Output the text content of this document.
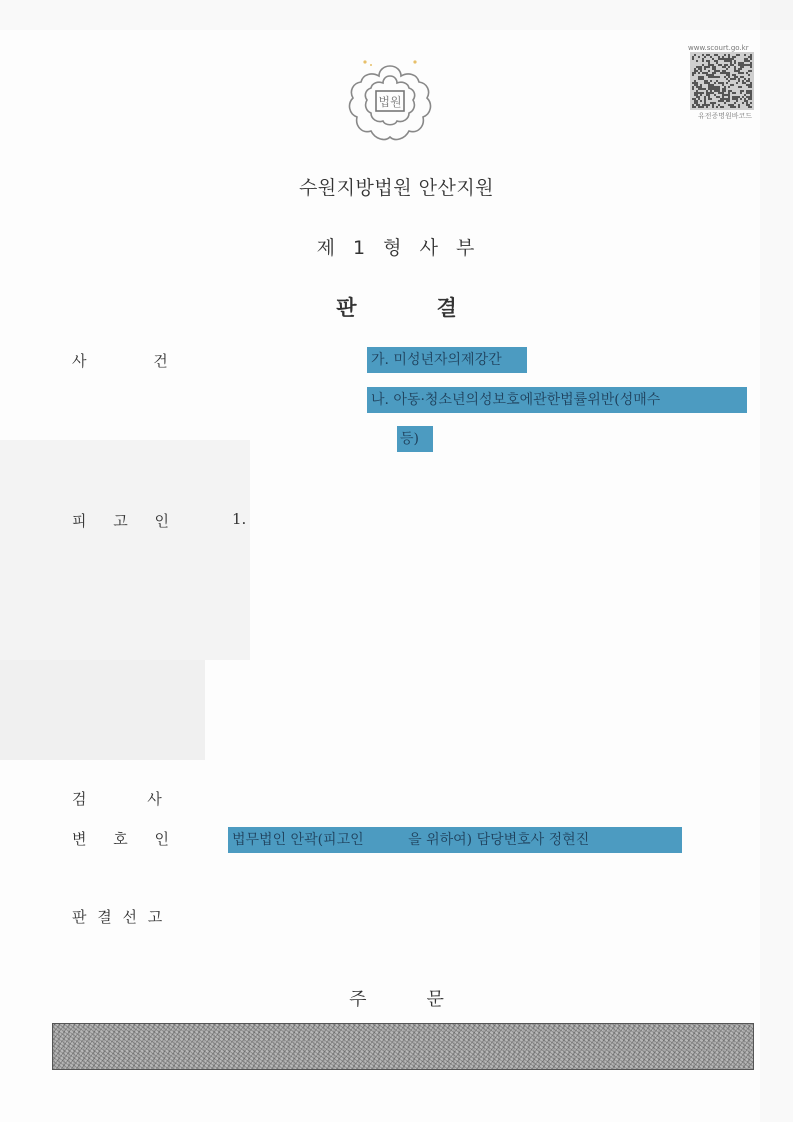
법원
www.scourt.go.kr
유전증명원바코드
수원지방법원 안산지원
제 1 형 사 부
판	결
사 건	가. 미성년자의제강간
나. 아동·청소년의성보호에관한법률위반(성매수
등)
피 고 인	1.
검 사
변 호 인	법무법인 안곽(피고인          을 위하여) 담당변호사 정현진
판 결 선 고
주	문
